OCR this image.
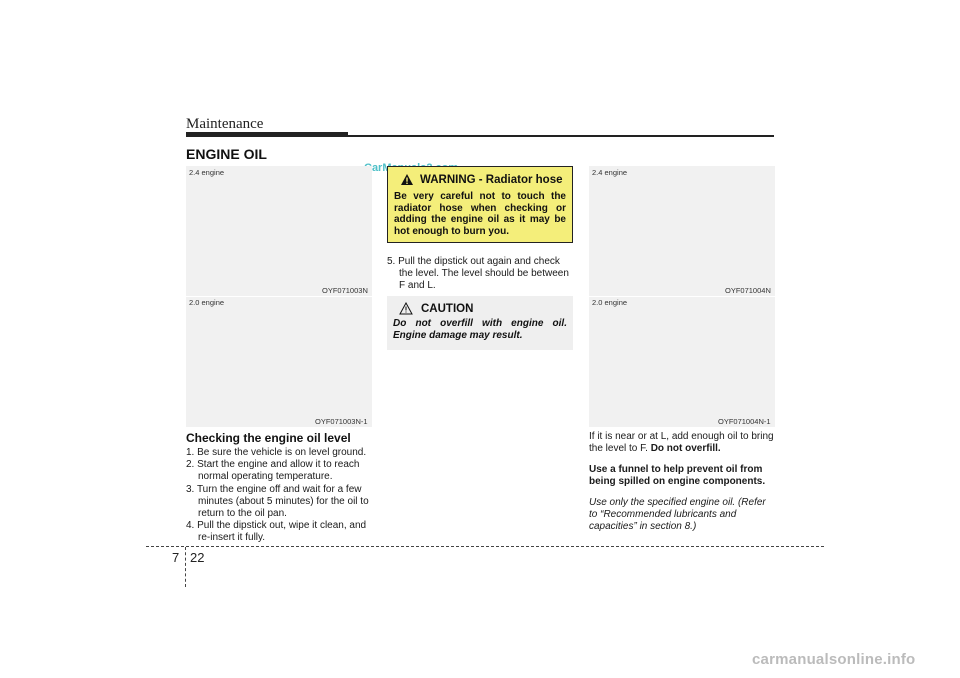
Maintenance
ENGINE OIL
2.4 engine
OYF071003N
2.0 engine
OYF071003N-1
Checking the engine oil level
1. Be sure the vehicle is on level ground.
2. Start the engine and allow it to reach normal operating temperature.
3. Turn the engine off and wait for a few minutes (about 5 minutes) for the oil to return to the oil pan.
4. Pull the dipstick out, wipe it clean, and re-insert it fully.
WARNING - Radiator hose
Be very careful not to touch the radiator hose when checking or adding the engine oil as it may be hot enough to burn you.
5. Pull the dipstick out again and check the level. The level should be between F and L.
CAUTION
Do not overfill with engine oil. Engine damage may result.
2.4 engine
OYF071004N
2.0 engine
OYF071004N-1
If it is near or at L, add enough oil to bring the level to F. Do not overfill.
Use a funnel to help prevent oil from being spilled on engine components.
Use only the specified engine oil. (Refer to “Recommended lubricants and capacities” in section 8.)
7 22
carmanualsonline.info
